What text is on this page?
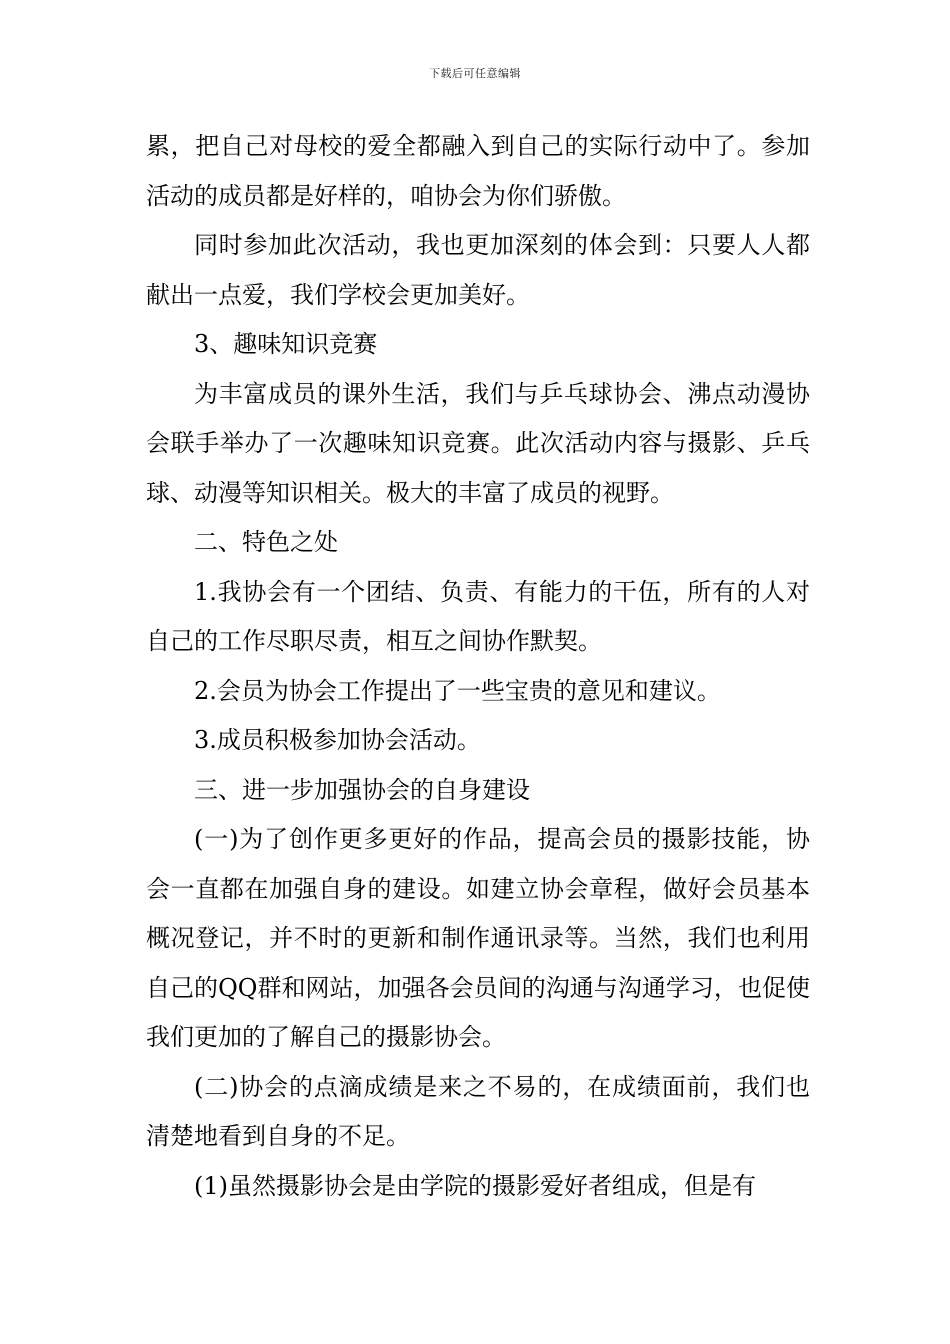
下载后可任意编辑

累，把自己对母校的爱全都融入到自己的实际行动中了。参加活动的成员都是好样的，咱协会为你们骄傲。

同时参加此次活动，我也更加深刻的体会到：只要人人都献出一点爱，我们学校会更加美好。

3、趣味知识竞赛

为丰富成员的课外生活，我们与乒乓球协会、沸点动漫协会联手举办了一次趣味知识竞赛。此次活动内容与摄影、乒乓球、动漫等知识相关。极大的丰富了成员的视野。

二、特色之处

1.我协会有一个团结、负责、有能力的干伍，所有的人对自己的工作尽职尽责，相互之间协作默契。

2.会员为协会工作提出了一些宝贵的意见和建议。

3.成员积极参加协会活动。

三、进一步加强协会的自身建设

(一)为了创作更多更好的作品，提高会员的摄影技能，协会一直都在加强自身的建设。如建立协会章程，做好会员基本概况登记，并不时的更新和制作通讯录等。当然，我们也利用自己的QQ群和网站，加强各会员间的沟通与沟通学习，也促使我们更加的了解自己的摄影协会。

(二)协会的点滴成绩是来之不易的，在成绩面前，我们也清楚地看到自身的不足。

(1)虽然摄影协会是由学院的摄影爱好者组成，但是有
